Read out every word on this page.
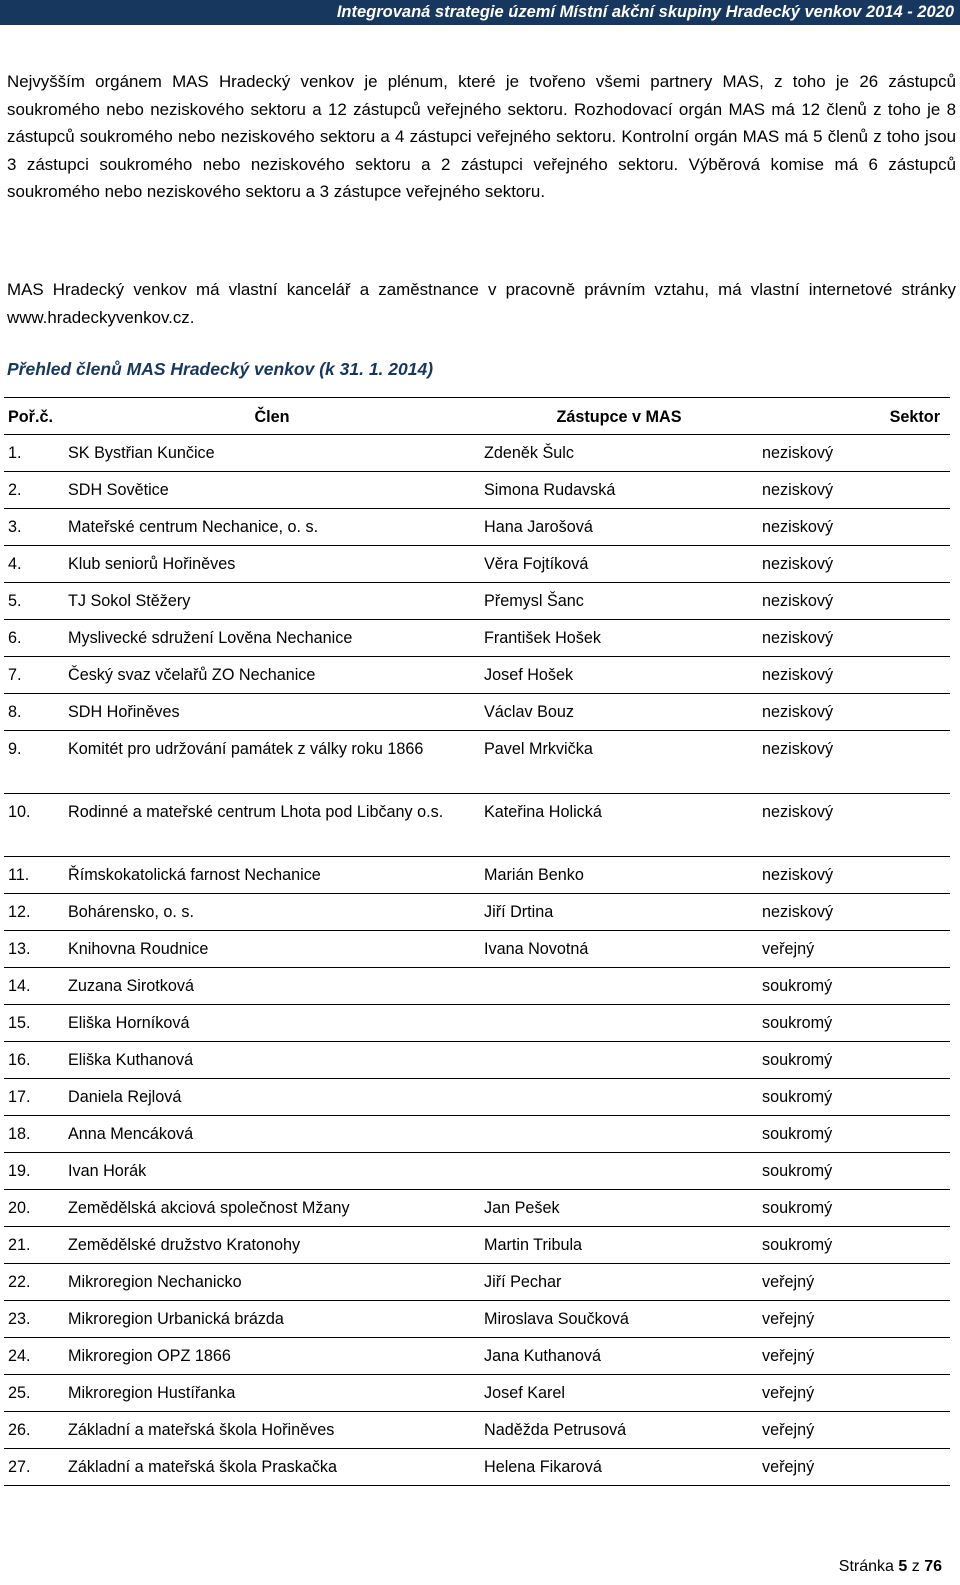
Integrovaná strategie území Místní akční skupiny Hradecký venkov 2014 - 2020

Nejvyšším orgánem MAS Hradecký venkov je plénum, které je tvořeno všemi partnery MAS, z toho je 26 zástupců soukromého nebo neziskového sektoru a 12 zástupců veřejného sektoru. Rozhodovací orgán MAS má 12 členů z toho je 8 zástupců soukromého nebo neziskového sektoru a 4 zástupci veřejného sektoru. Kontrolní orgán MAS má 5 členů z toho jsou 3 zástupci soukromého nebo neziskového sektoru a 2 zástupci veřejného sektoru. Výběrová komise má 6 zástupců soukromého nebo neziskového sektoru a 3 zástupce veřejného sektoru.

MAS Hradecký venkov má vlastní kancelář a zaměstnance v pracovně právním vztahu, má vlastní internetové stránky www.hradeckyvenkov.cz.

Přehled členů MAS Hradecký venkov (k 31. 1. 2014)
Poř.č.	Člen	Zástupce v MAS	Sektor
1.	SK Bystřian Kunčice	Zdeněk Šulc	neziskový
2.	SDH Sovětice	Simona Rudavská	neziskový
3.	Mateřské centrum Nechanice, o. s.	Hana Jarošová	neziskový
4.	Klub seniorů Hořiněves	Věra Fojtíková	neziskový
5.	TJ Sokol Stěžery	Přemysl Šanc	neziskový
6.	Myslivecké sdružení Lověna Nechanice	František Hošek	neziskový
7.	Český svaz včelařů ZO Nechanice	Josef Hošek	neziskový
8.	SDH Hořiněves	Václav Bouz	neziskový
9.	Komitét pro udržování památek z války roku 1866	Pavel Mrkvička	neziskový
10.	Rodinné a mateřské centrum Lhota pod Libčany o.s.	Kateřina Holická	neziskový
11.	Římskokatolická farnost Nechanice	Marián Benko	neziskový
12.	Bohárensko, o. s.	Jiří Drtina	neziskový
13.	Knihovna Roudnice	Ivana Novotná	veřejný
14.	Zuzana Sirotková		soukromý
15.	Eliška Horníková		soukromý
16.	Eliška Kuthanová		soukromý
17.	Daniela Rejlová		soukromý
18.	Anna Mencáková		soukromý
19.	Ivan Horák		soukromý
20.	Zemědělská akciová společnost Mžany	Jan Pešek	soukromý
21.	Zemědělské družstvo Kratonohy	Martin Tribula	soukromý
22.	Mikroregion Nechanicko	Jiří Pechar	veřejný
23.	Mikroregion Urbanická brázda	Miroslava Součková	veřejný
24.	Mikroregion OPZ 1866	Jana Kuthanová	veřejný
25.	Mikroregion Hustířanka	Josef Karel	veřejný
26.	Základní a mateřská škola Hořiněves	Naděžda Petrusová	veřejný
27.	Základní a mateřská škola Praskačka	Helena Fikarová	veřejný
Stránka 5 z 76
